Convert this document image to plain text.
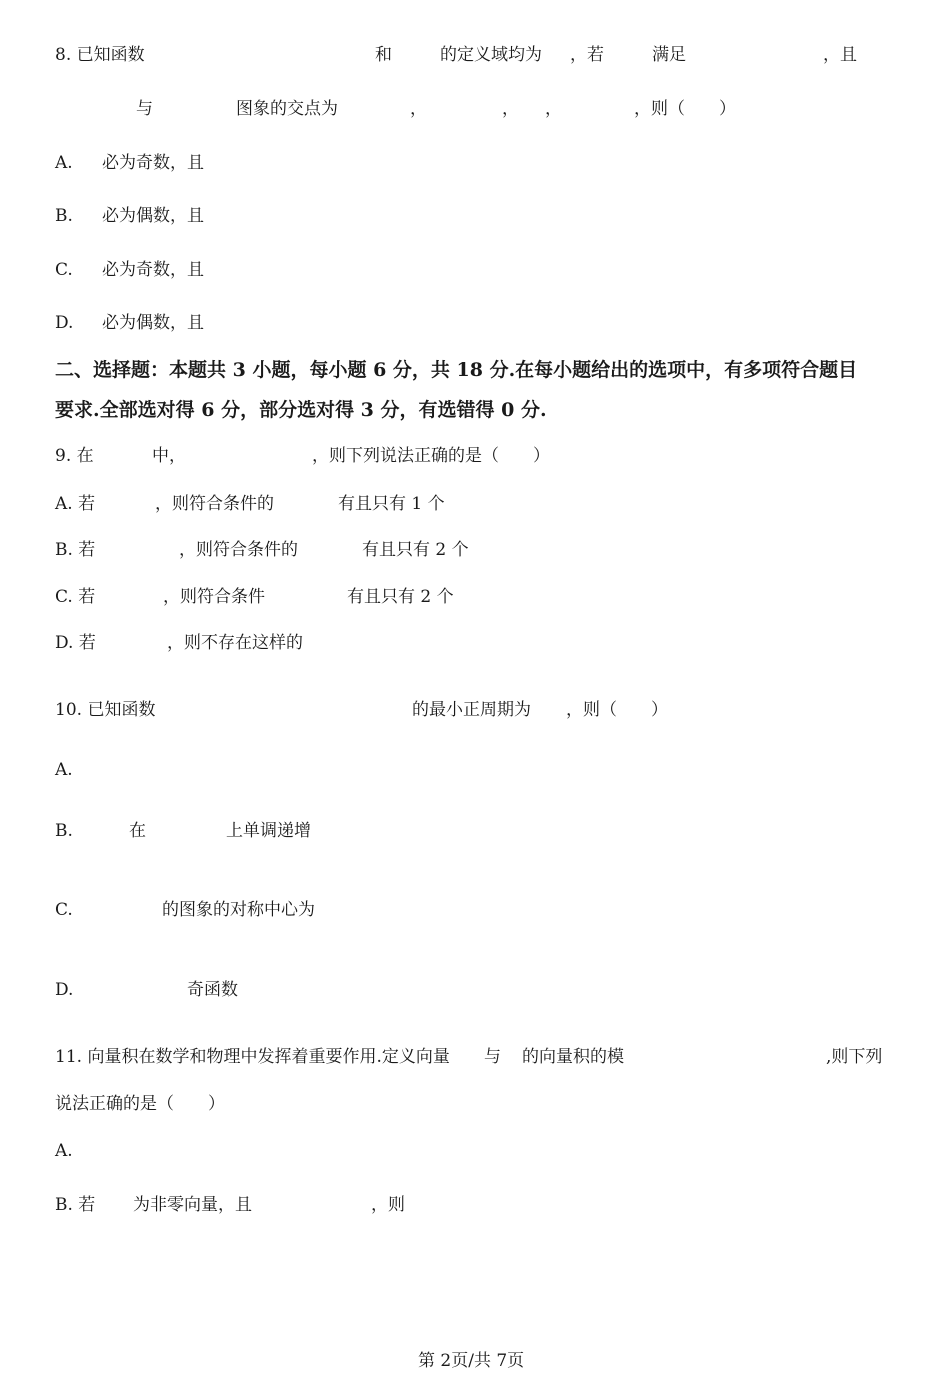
8. 已知函数	和	的定义域均为 ，若	满足	，且
与	图象的交点为	，	， ，	，则（　　）
A. 必为奇数，且
B. 必为偶数，且
C. 必为奇数，且
D. 必为偶数，且
二、选择题：本题共 3 小题，每小题 6 分，共 18 分.在每小题给出的选项中，有多项符合题目
要求.全部选对得 6 分，部分选对得 3 分，有选错得 0 分.
9. 在	中，	，则下列说法正确的是（　　）
A. 若	，则符合条件的	有且只有 1 个
B. 若	，则符合条件的	有且只有 2 个
C. 若	，则符合条件	有且只有 2 个
D. 若	，则不存在这样的
10. 已知函数	的最小正周期为 ，则（　　）
A.
B.	在	上单调递增
C.	的图象的对称中心为
D.	奇函数
11. 向量积在数学和物理中发挥着重要作用.定义向量 与 的向量积的模	,则下列
说法正确的是（　　）
A.
B. 若 为非零向量，且	，则
第 2页/共 7页
